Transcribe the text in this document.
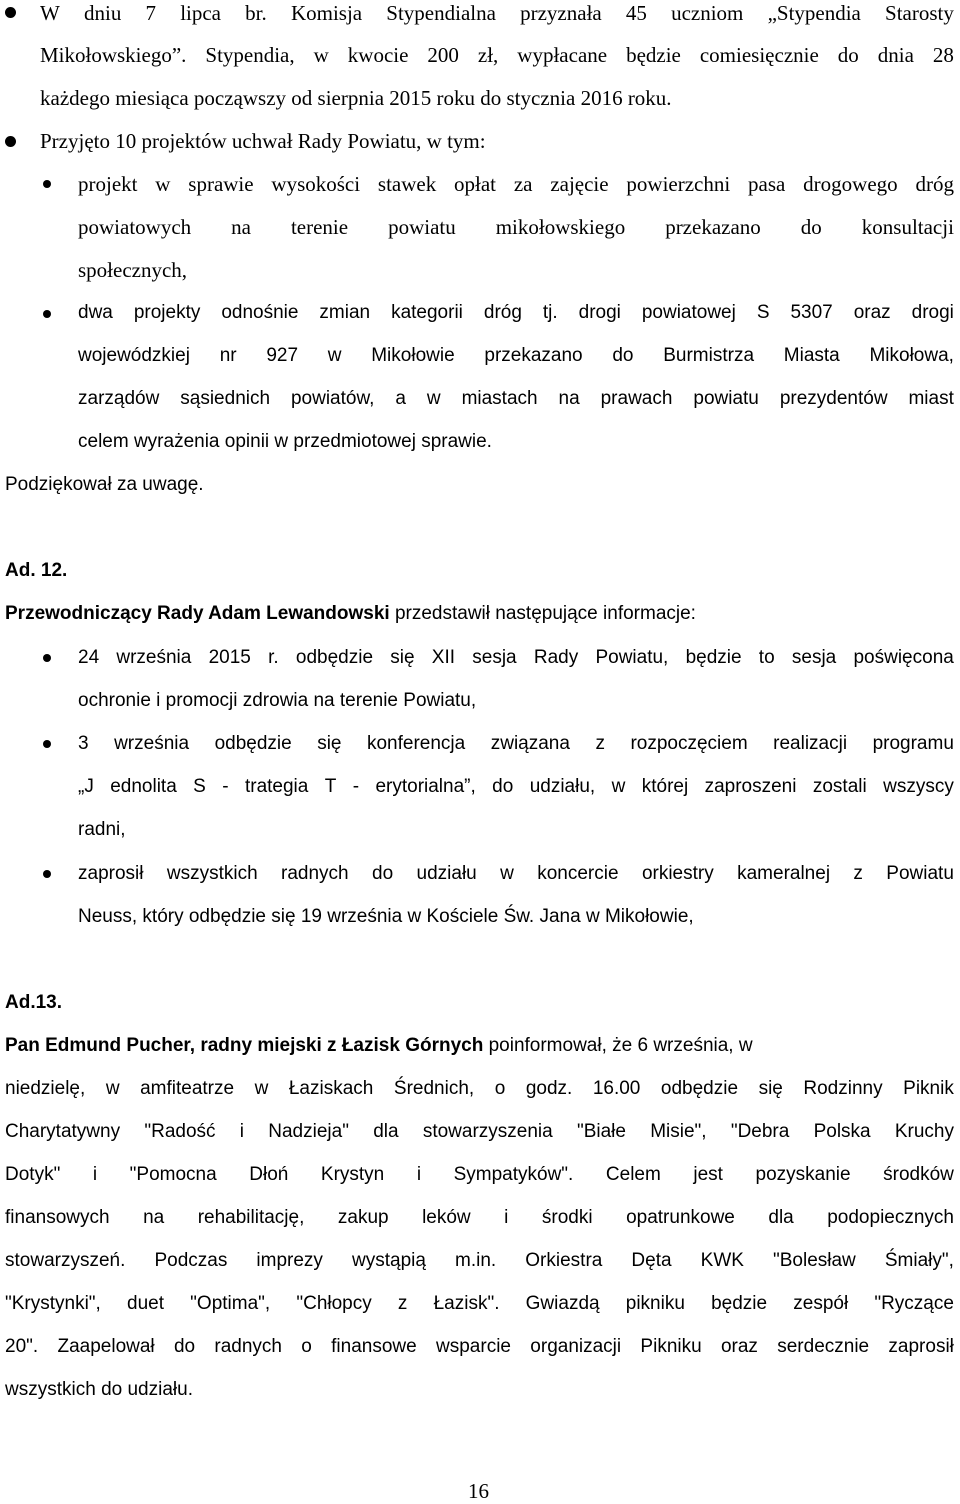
W dniu 7 lipca br. Komisja Stypendialna przyznała 45 uczniom „Stypendia Starosty
Mikołowskiego”. Stypendia, w kwocie 200 zł, wypłacane będzie comiesięcznie do dnia 28
każdego miesiąca począwszy od sierpnia 2015 roku do stycznia 2016 roku.
Przyjęto 10 projektów uchwał Rady Powiatu, w tym:
projekt w sprawie wysokości stawek opłat za zajęcie powierzchni pasa drogowego dróg
powiatowych na terenie powiatu mikołowskiego przekazano do konsultacji
społecznych,
dwa projekty odnośnie zmian kategorii dróg tj. drogi powiatowej S 5307 oraz drogi
wojewódzkiej nr 927 w Mikołowie przekazano do Burmistrza Miasta Mikołowa,
zarządów sąsiednich powiatów, a w miastach na prawach powiatu prezydentów miast
celem wyrażenia opinii w przedmiotowej sprawie.
Podziękował za uwagę.
Ad. 12.
Przewodniczący Rady Adam Lewandowski przedstawił następujące informacje:
24 września 2015 r. odbędzie się XII sesja Rady Powiatu, będzie to sesja poświęcona
ochronie i promocji zdrowia na terenie Powiatu,
3 września odbędzie się konferencja związana z rozpoczęciem realizacji programu
„J ednolita S - trategia T - erytorialna”, do udziału, w której zaproszeni zostali wszyscy
radni,
zaprosił wszystkich radnych do udziału w koncercie orkiestry kameralnej z Powiatu
Neuss, który odbędzie się 19 września w Kościele Św. Jana w Mikołowie,
Ad.13.
Pan Edmund Pucher, radny miejski z Łazisk Górnych poinformował, że 6 września, w
niedzielę, w amfiteatrze w Łaziskach Średnich, o godz. 16.00 odbędzie się Rodzinny Piknik
Charytatywny "Radość i Nadzieja" dla stowarzyszenia "Białe Misie", "Debra Polska Kruchy
Dotyk" i "Pomocna Dłoń Krystyn i Sympatyków". Celem jest pozyskanie środków
finansowych na rehabilitację, zakup leków i środki opatrunkowe dla podopiecznych
stowarzyszeń. Podczas imprezy wystąpią m.in. Orkiestra Dęta KWK "Bolesław Śmiały",
"Krystynki", duet "Optima", "Chłopcy z Łazisk". Gwiazdą pikniku będzie zespół "Ryczące
20". Zaapelował do radnych o finansowe wsparcie organizacji Pikniku oraz serdecznie zaprosił
wszystkich do udziału.
16
